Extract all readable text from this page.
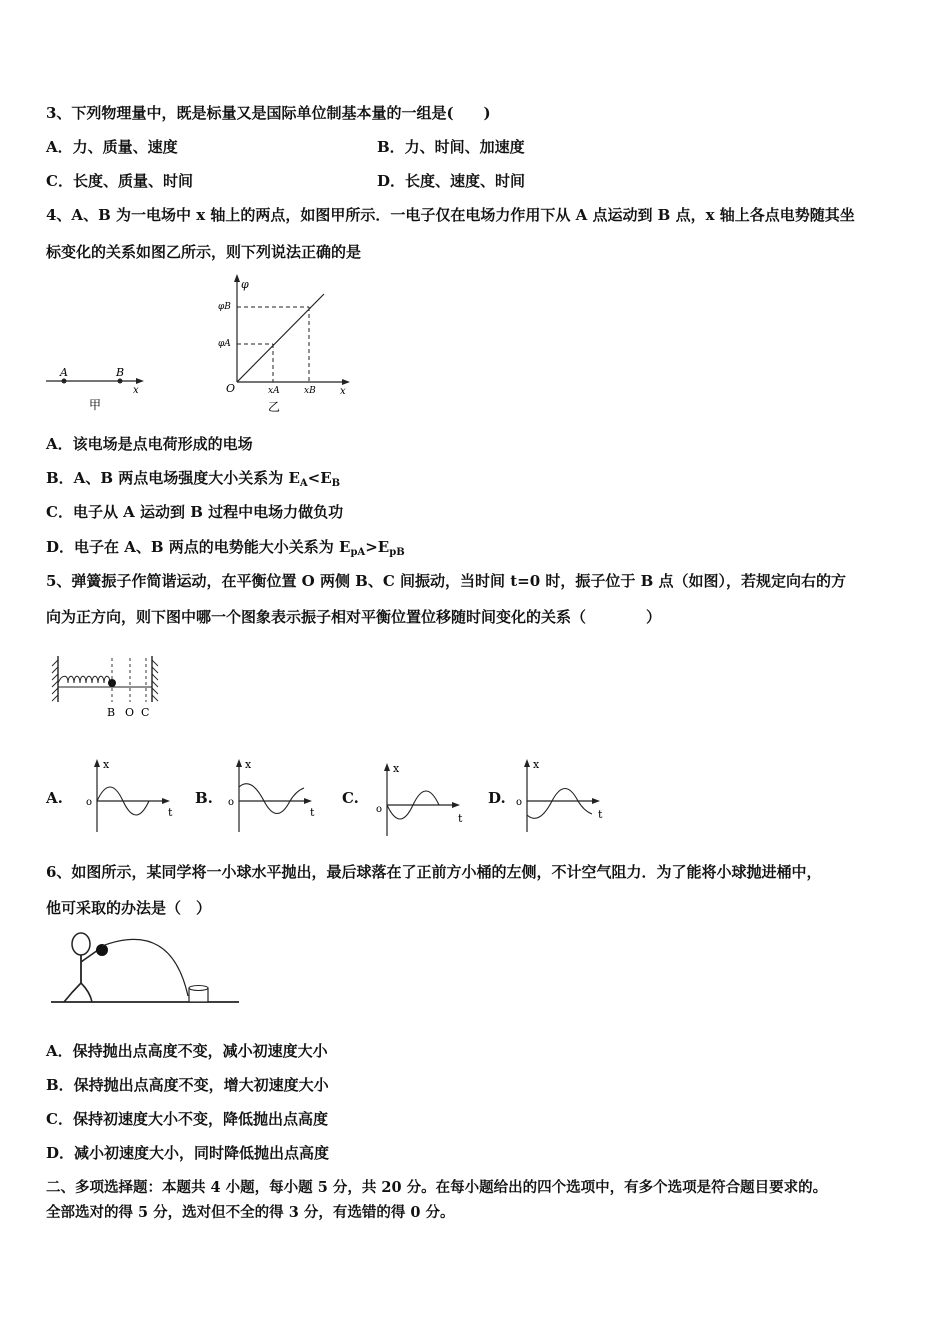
3、下列物理量中，既是标量又是国际单位制基本量的一组是(　　)
A．力、质量、速度	B．力、时间、加速度
C．长度、质量、时间	D．长度、速度、时间
4、A、B 为一电场中 x 轴上的两点，如图甲所示．一电子仅在电场力作用下从 A 点运动到 B 点，x 轴上各点电势随其坐
标变化的关系如图乙所示，则下列说法正确的是
A	B
x
甲
φ
φB
φA
O	xA	xB x
乙
A．该电场是点电荷形成的电场
B．A、B 两点电场强度大小关系为 $E_A<E_B$
C．电子从 A 运动到 B 过程中电场力做负功
D．电子在 A、B 两点的电势能大小关系为 $E_{pA}>E_{pB}$
5、弹簧振子作简谐运动，在平衡位置 O 两侧 B、C 间振动，当时间 t=0 时，振子位于 B 点（如图），若规定向右的方
向为正方向，则下图中哪一个图象表示振子相对平衡位置位移随时间变化的关系（　　　　）
B O C
A.
x
o
t
B.
x
o
t
C.
x
o
t
D.
x
o
t
6、如图所示，某同学将一小球水平抛出，最后球落在了正前方小桶的左侧，不计空气阻力．为了能将小球抛进桶中，
他可采取的办法是（　）
A．保持抛出点高度不变，减小初速度大小
B．保持抛出点高度不变，增大初速度大小
C．保持初速度大小不变，降低抛出点高度
D．减小初速度大小，同时降低抛出点高度
二、多项选择题：本题共 4 小题，每小题 5 分，共 20 分。在每小题给出的四个选项中，有多个选项是符合题目要求的。
全部选对的得 5 分，选对但不全的得 3 分，有选错的得 0 分。
